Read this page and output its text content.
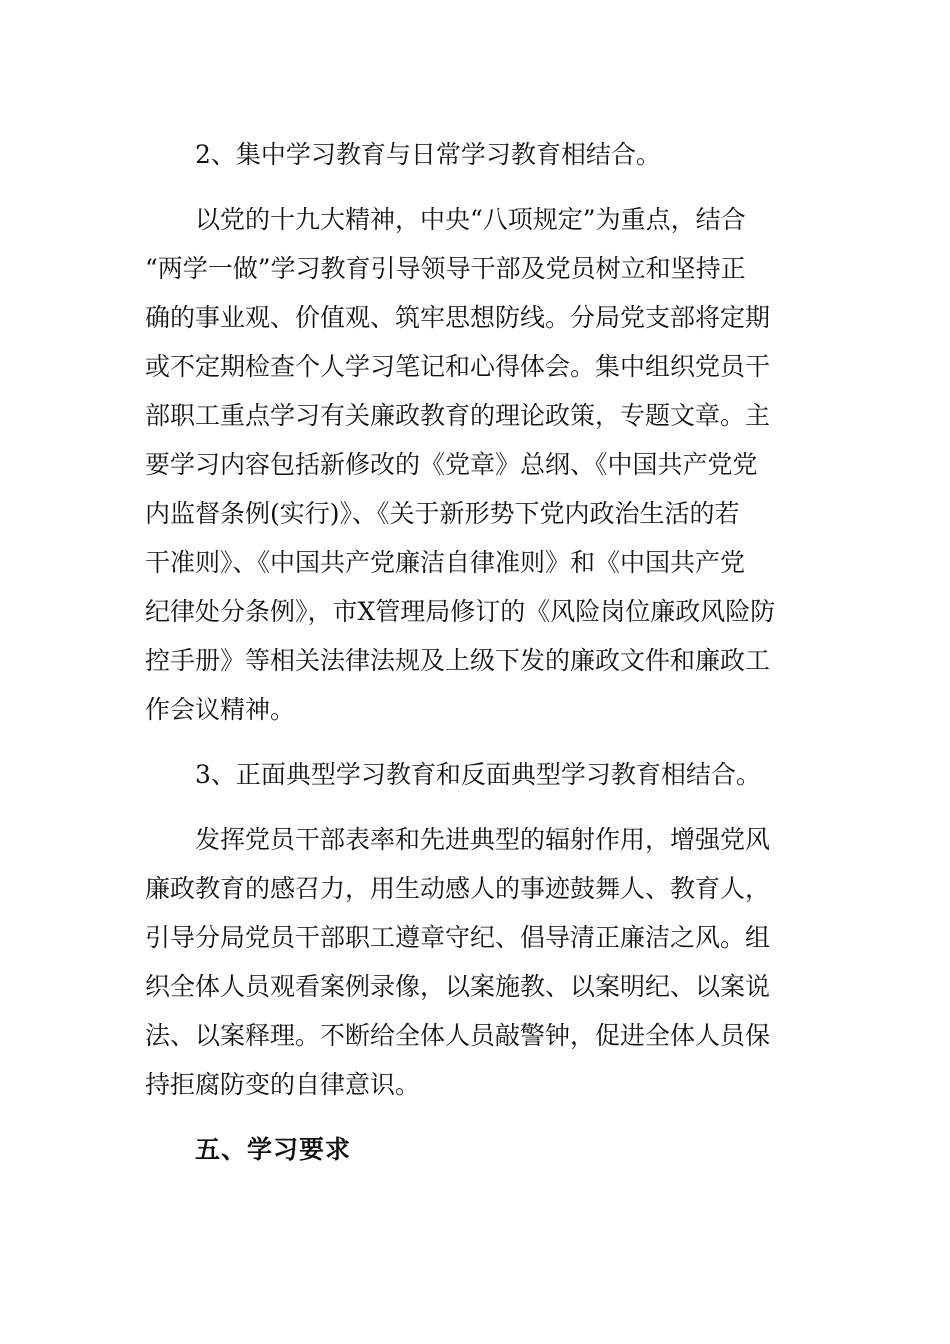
2、集中学习教育与日常学习教育相结合。

以党的十九大精神，中央“八项规定”为重点，结合
“两学一做”学习教育引导领导干部及党员树立和坚持正
确的事业观、价值观、筑牢思想防线。分局党支部将定期
或不定期检查个人学习笔记和心得体会。集中组织党员干
部职工重点学习有关廉政教育的理论政策，专题文章。主
要学习内容包括新修改的《党章》总纲、《中国共产党党
内监督条例(实行)》、《关于新形势下党内政治生活的若
干准则》、《中国共产党廉洁自律准则》和《中国共产党
纪律处分条例》，市X管理局修订的《风险岗位廉政风险防
控手册》等相关法律法规及上级下发的廉政文件和廉政工
作会议精神。

3、正面典型学习教育和反面典型学习教育相结合。

发挥党员干部表率和先进典型的辐射作用，增强党风
廉政教育的感召力，用生动感人的事迹鼓舞人、教育人，
引导分局党员干部职工遵章守纪、倡导清正廉洁之风。组
织全体人员观看案例录像，以案施教、以案明纪、以案说
法、以案释理。不断给全体人员敲警钟，促进全体人员保
持拒腐防变的自律意识。

五、学习要求
